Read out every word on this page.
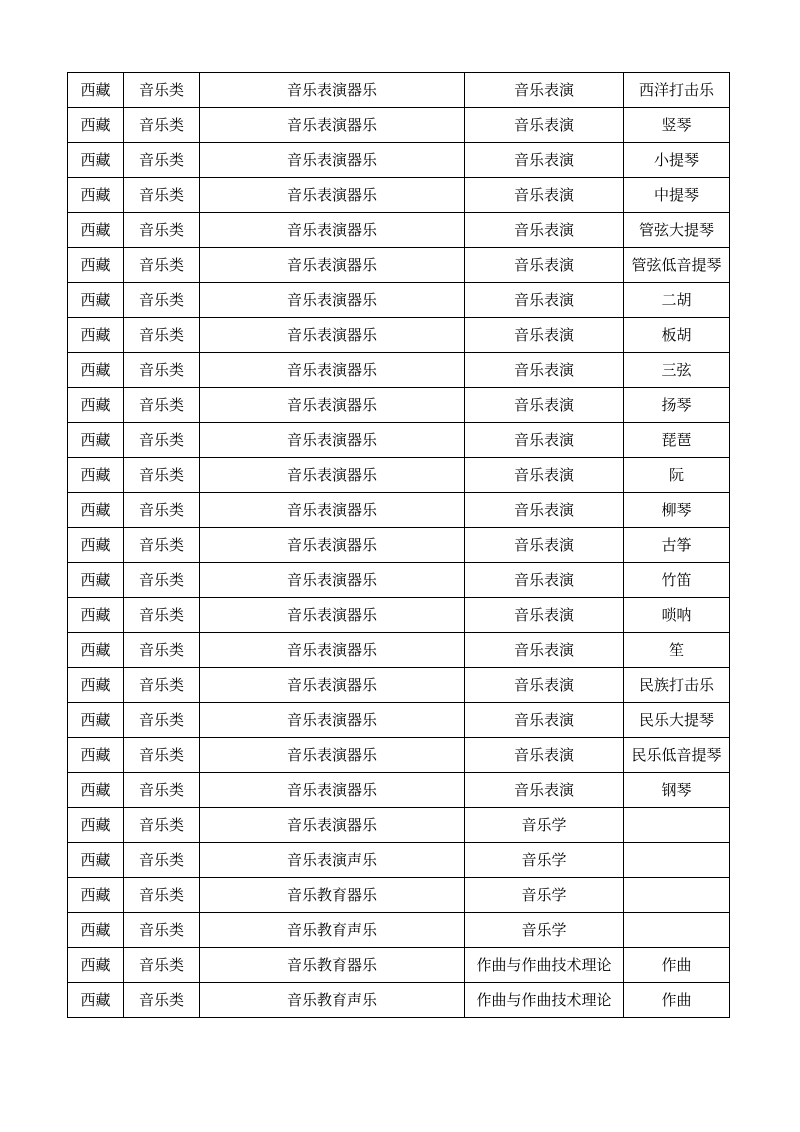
西藏	音乐类	音乐表演器乐	音乐表演	西洋打击乐
西藏	音乐类	音乐表演器乐	音乐表演	竖琴
西藏	音乐类	音乐表演器乐	音乐表演	小提琴
西藏	音乐类	音乐表演器乐	音乐表演	中提琴
西藏	音乐类	音乐表演器乐	音乐表演	管弦大提琴
西藏	音乐类	音乐表演器乐	音乐表演	管弦低音提琴
西藏	音乐类	音乐表演器乐	音乐表演	二胡
西藏	音乐类	音乐表演器乐	音乐表演	板胡
西藏	音乐类	音乐表演器乐	音乐表演	三弦
西藏	音乐类	音乐表演器乐	音乐表演	扬琴
西藏	音乐类	音乐表演器乐	音乐表演	琵琶
西藏	音乐类	音乐表演器乐	音乐表演	阮
西藏	音乐类	音乐表演器乐	音乐表演	柳琴
西藏	音乐类	音乐表演器乐	音乐表演	古筝
西藏	音乐类	音乐表演器乐	音乐表演	竹笛
西藏	音乐类	音乐表演器乐	音乐表演	唢呐
西藏	音乐类	音乐表演器乐	音乐表演	笙
西藏	音乐类	音乐表演器乐	音乐表演	民族打击乐
西藏	音乐类	音乐表演器乐	音乐表演	民乐大提琴
西藏	音乐类	音乐表演器乐	音乐表演	民乐低音提琴
西藏	音乐类	音乐表演器乐	音乐表演	钢琴
西藏	音乐类	音乐表演器乐	音乐学	
西藏	音乐类	音乐表演声乐	音乐学	
西藏	音乐类	音乐教育器乐	音乐学	
西藏	音乐类	音乐教育声乐	音乐学	
西藏	音乐类	音乐教育器乐	作曲与作曲技术理论	作曲
西藏	音乐类	音乐教育声乐	作曲与作曲技术理论	作曲
